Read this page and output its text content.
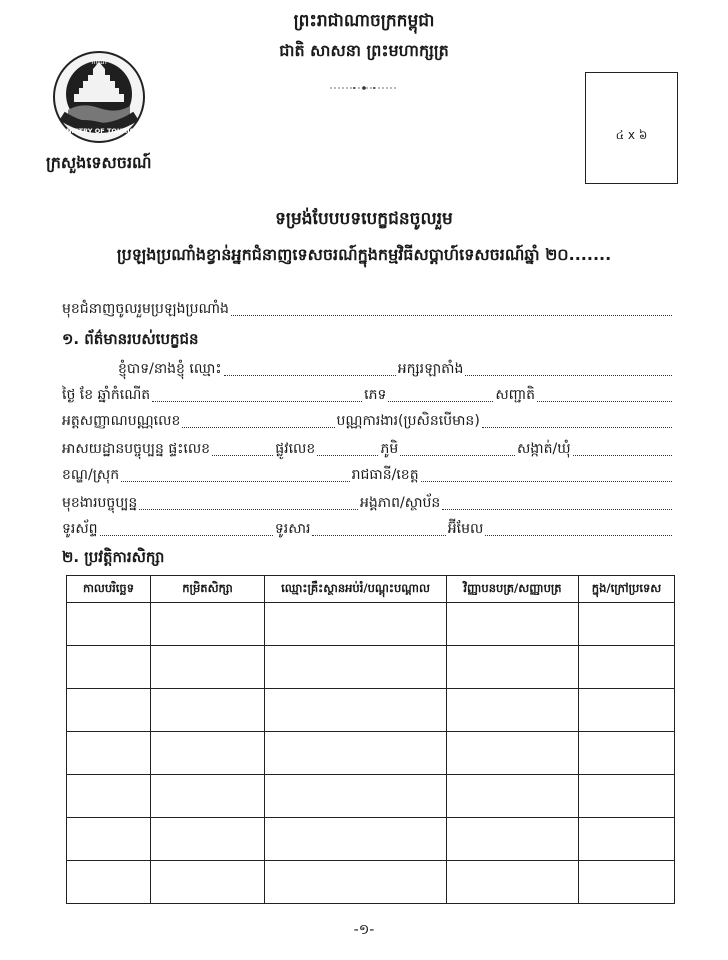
ព្រះរាជាណាចក្រកម្ពុជា
ជាតិ សាសនា ព្រះមហាក្សត្រ
កម្ពុជា
MINISTRY OF TOURISM
ក្រសួងទេសចរណ៍
៤ x ៦
ទម្រង់បែបបទបេក្ខជនចូលរួម
ប្រឡងប្រណាំងខ្វាន់អ្នកជំនាញទេសចរណ៍ក្នុងកម្មវិធីសប្ដាហ៍ទេសចរណ៍ឆ្នាំ ២០.......
មុខជំនាញចូលរួមប្រឡងប្រណាំង
១. ព័ត៌មានរបស់បេក្ខជន
ខ្ញុំបាទ/នាងខ្ញុំ ឈ្មោះ	អក្សរឡាតាំង
ថ្ងៃ ខែ ឆ្នាំកំណើត	ភេទ	សញ្ជាតិ
អត្តសញ្ញាណបណ្ណលេខ	បណ្ណការងារ(ប្រសិនបើមាន)
អាសយដ្ឋានបច្ចុប្បន្ន ផ្ទះលេខ	ផ្លូវលេខ	ភូមិ	សង្កាត់/ឃុំ
ខណ្ឌ/ស្រុក	រាជធានី/ខេត្ត
មុខងារបច្ចុប្បន្ន	អង្គភាព/ស្ថាប័ន
ទូរស័ព្ទ	ទូរសារ	អ៊ីមែល
២. ប្រវត្តិការសិក្សា
កាលបរិច្ឆេទ	កម្រិតសិក្សា	ឈ្មោះគ្រឹះស្ថានអប់រំ/បណ្តុះបណ្តាល	វិញ្ញាបនបត្រ/សញ្ញាបត្រ	ក្នុង/ក្រៅប្រទេស

-១-
